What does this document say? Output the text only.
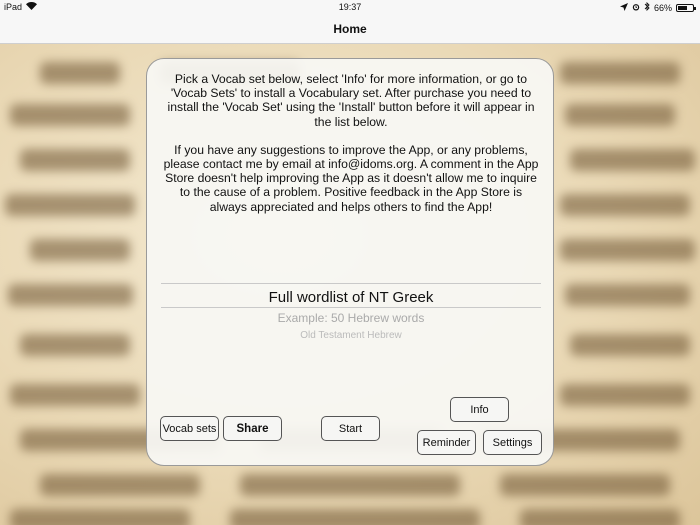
iPad	19:37	66%
Home

Pick a Vocab set below, select 'Info' for more information, or go to 'Vocab Sets' to install a Vocabulary set. After purchase you need to install the 'Vocab Set' using the 'Install' button before it will appear in the list below.

If you have any suggestions to improve the App, or any problems, please contact me by email at info@idoms.org. A comment in the App Store doesn't help improving the App as it doesn't allow me to inquire to the cause of a problem. Positive feedback in the App Store is always appreciated and helps others to find the App!

Full wordlist of NT Greek
Example: 50 Hebrew words
Old Testament Hebrew
Vocab sets	Share	Start
Info
Reminder	Settings
